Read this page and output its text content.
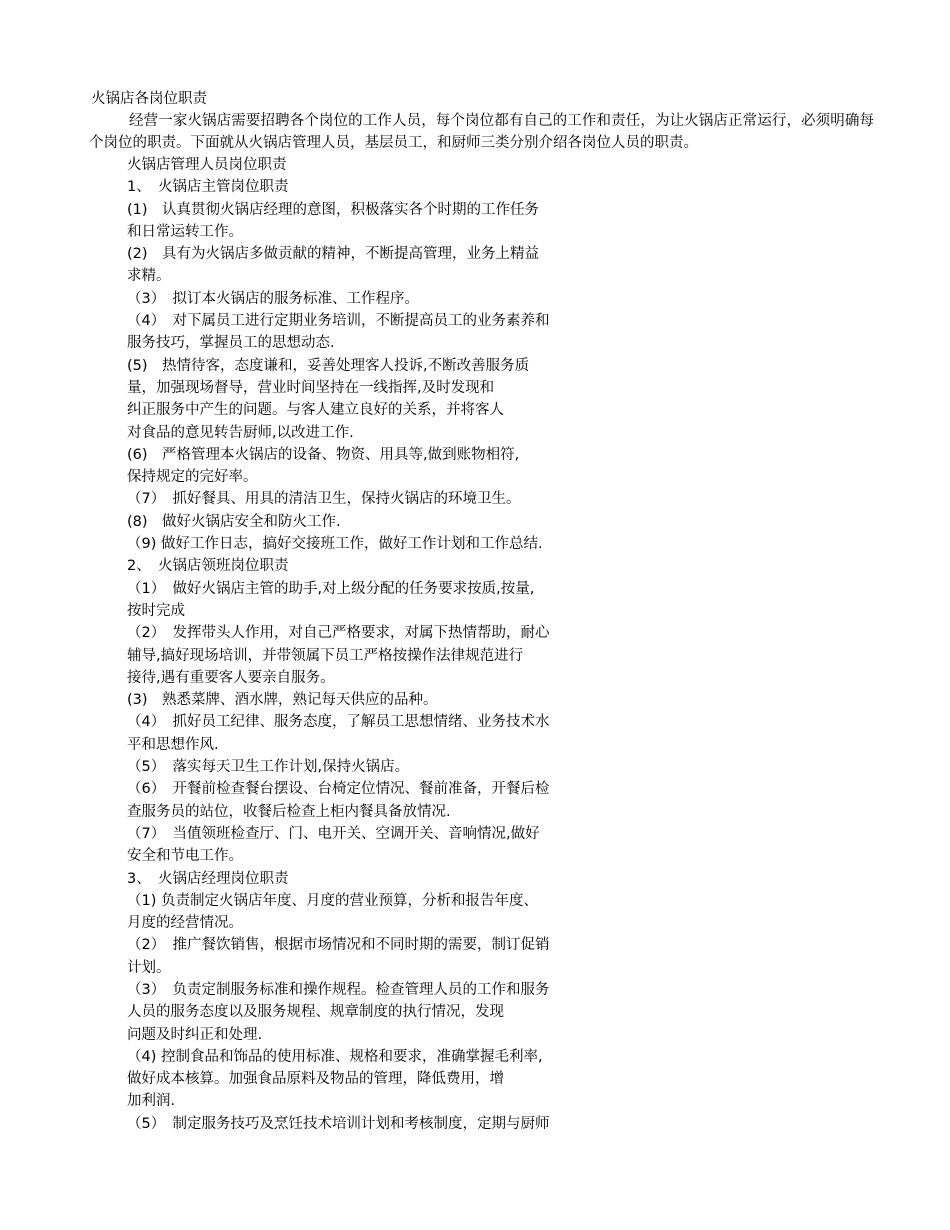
火锅店各岗位职责
经营一家火锅店需要招聘各个岗位的工作人员，每个岗位都有自己的工作和责任，为让火锅店正常运行，必须明确每个岗位的职责。下面就从火锅店管理人员，基层员工，和厨师三类分别介绍各岗位人员的职责。
火锅店管理人员岗位职责
1、　火锅店主管岗位职责
(1)　认真贯彻火锅店经理的意图，积极落实各个时期的工作任务
和日常运转工作。
(2)　具有为火锅店多做贡献的精神，不断提高管理，业务上精益
求精。
（3）　拟订本火锅店的服务标准、工作程序。
（4）　对下属员工进行定期业务培训，不断提高员工的业务素养和
服务技巧，掌握员工的思想动态.
(5)　热情待客，态度谦和，妥善处理客人投诉,不断改善服务质
量，加强现场督导，营业时间坚持在一线指挥,及时发现和
纠正服务中产生的问题。与客人建立良好的关系，并将客人
对食品的意见转告厨师,以改进工作.
(6)　严格管理本火锅店的设备、物资、用具等,做到账物相符,
保持规定的完好率。
（7）　抓好餐具、用具的清洁卫生，保持火锅店的环境卫生。
(8)　做好火锅店安全和防火工作.
（9) 做好工作日志，搞好交接班工作，做好工作计划和工作总结.
2、　火锅店领班岗位职责
（1）　做好火锅店主管的助手,对上级分配的任务要求按质,按量,
按时完成
（2）　发挥带头人作用，对自己严格要求，对属下热情帮助，耐心
辅导,搞好现场培训，并带领属下员工严格按操作法律规范进行
接待,遇有重要客人要亲自服务。
(3)　熟悉菜牌、酒水牌，熟记每天供应的品种。
（4）　抓好员工纪律、服务态度，了解员工思想情绪、业务技术水
平和思想作风.
（5）　落实每天卫生工作计划,保持火锅店。
（6）　开餐前检查餐台摆设、台椅定位情况、餐前准备，开餐后检
查服务员的站位，收餐后检查上柜内餐具备放情况.
（7）　当值领班检查厅、门、电开关、空调开关、音响情况,做好
安全和节电工作。
3、　火锅店经理岗位职责
（1) 负责制定火锅店年度、月度的营业预算，分析和报告年度、
月度的经营情况。
（2）　推广餐饮销售，根据市场情况和不同时期的需要，制订促销
计划。
（3）　负责定制服务标准和操作规程。检查管理人员的工作和服务
人员的服务态度以及服务规程、规章制度的执行情况，发现
问题及时纠正和处理.
（4) 控制食品和饰品的使用标准、规格和要求，准确掌握毛利率,
做好成本核算。加强食品原料及物品的管理，降低费用，增
加利润.
（5）　制定服务技巧及烹饪技术培训计划和考核制度，定期与厨师
